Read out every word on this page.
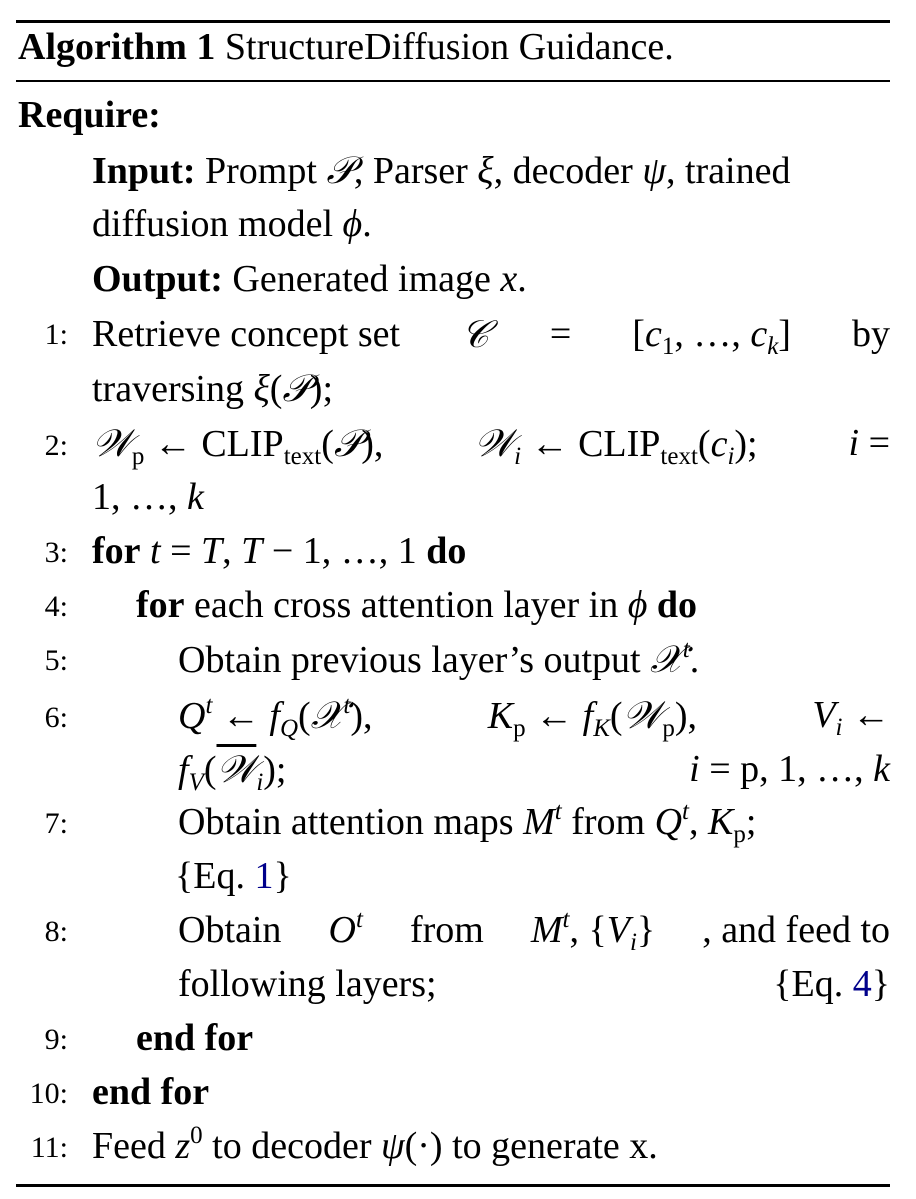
Algorithm 1 StructureDiffusion Guidance.
Require:
Input: Prompt 𝒫, Parser ξ, decoder ψ, trained
diffusion model ϕ.
Output: Generated image x.
1: Retrieve concept set 𝒞 = [$c_1$, …, $c_k$] by
traversing ξ(𝒫);
2: 𝒲$_p$ ← $CLIP_{text}(𝒫)$, 𝒲$_i$ ← $CLIP_{text}(c_i)$; i =
1, …, k
3: for t = T, T − 1, …, 1 do
4: for each cross attention layer in ϕ do
5:	Obtain previous layer’s output 𝒳$^t$.
6:	$Q^t$ ← $f_Q(𝒳^t)$,	$K_p$ ← $f_K(𝒲_p)$,	$V_i$ ←
$f_V(𝒲_i)$;	i = p, 1, …, k
7:	Obtain attention maps $M^t$ from $Q^t$, $K_p$;
{Eq. 1}
8:	Obtain $O^t$ from $M^t$, $\{V_i\}$ , and feed to
following layers;	{Eq. 4}
9: end for
10: end for
11: Feed $z^0$ to decoder ψ(·) to generate x.
